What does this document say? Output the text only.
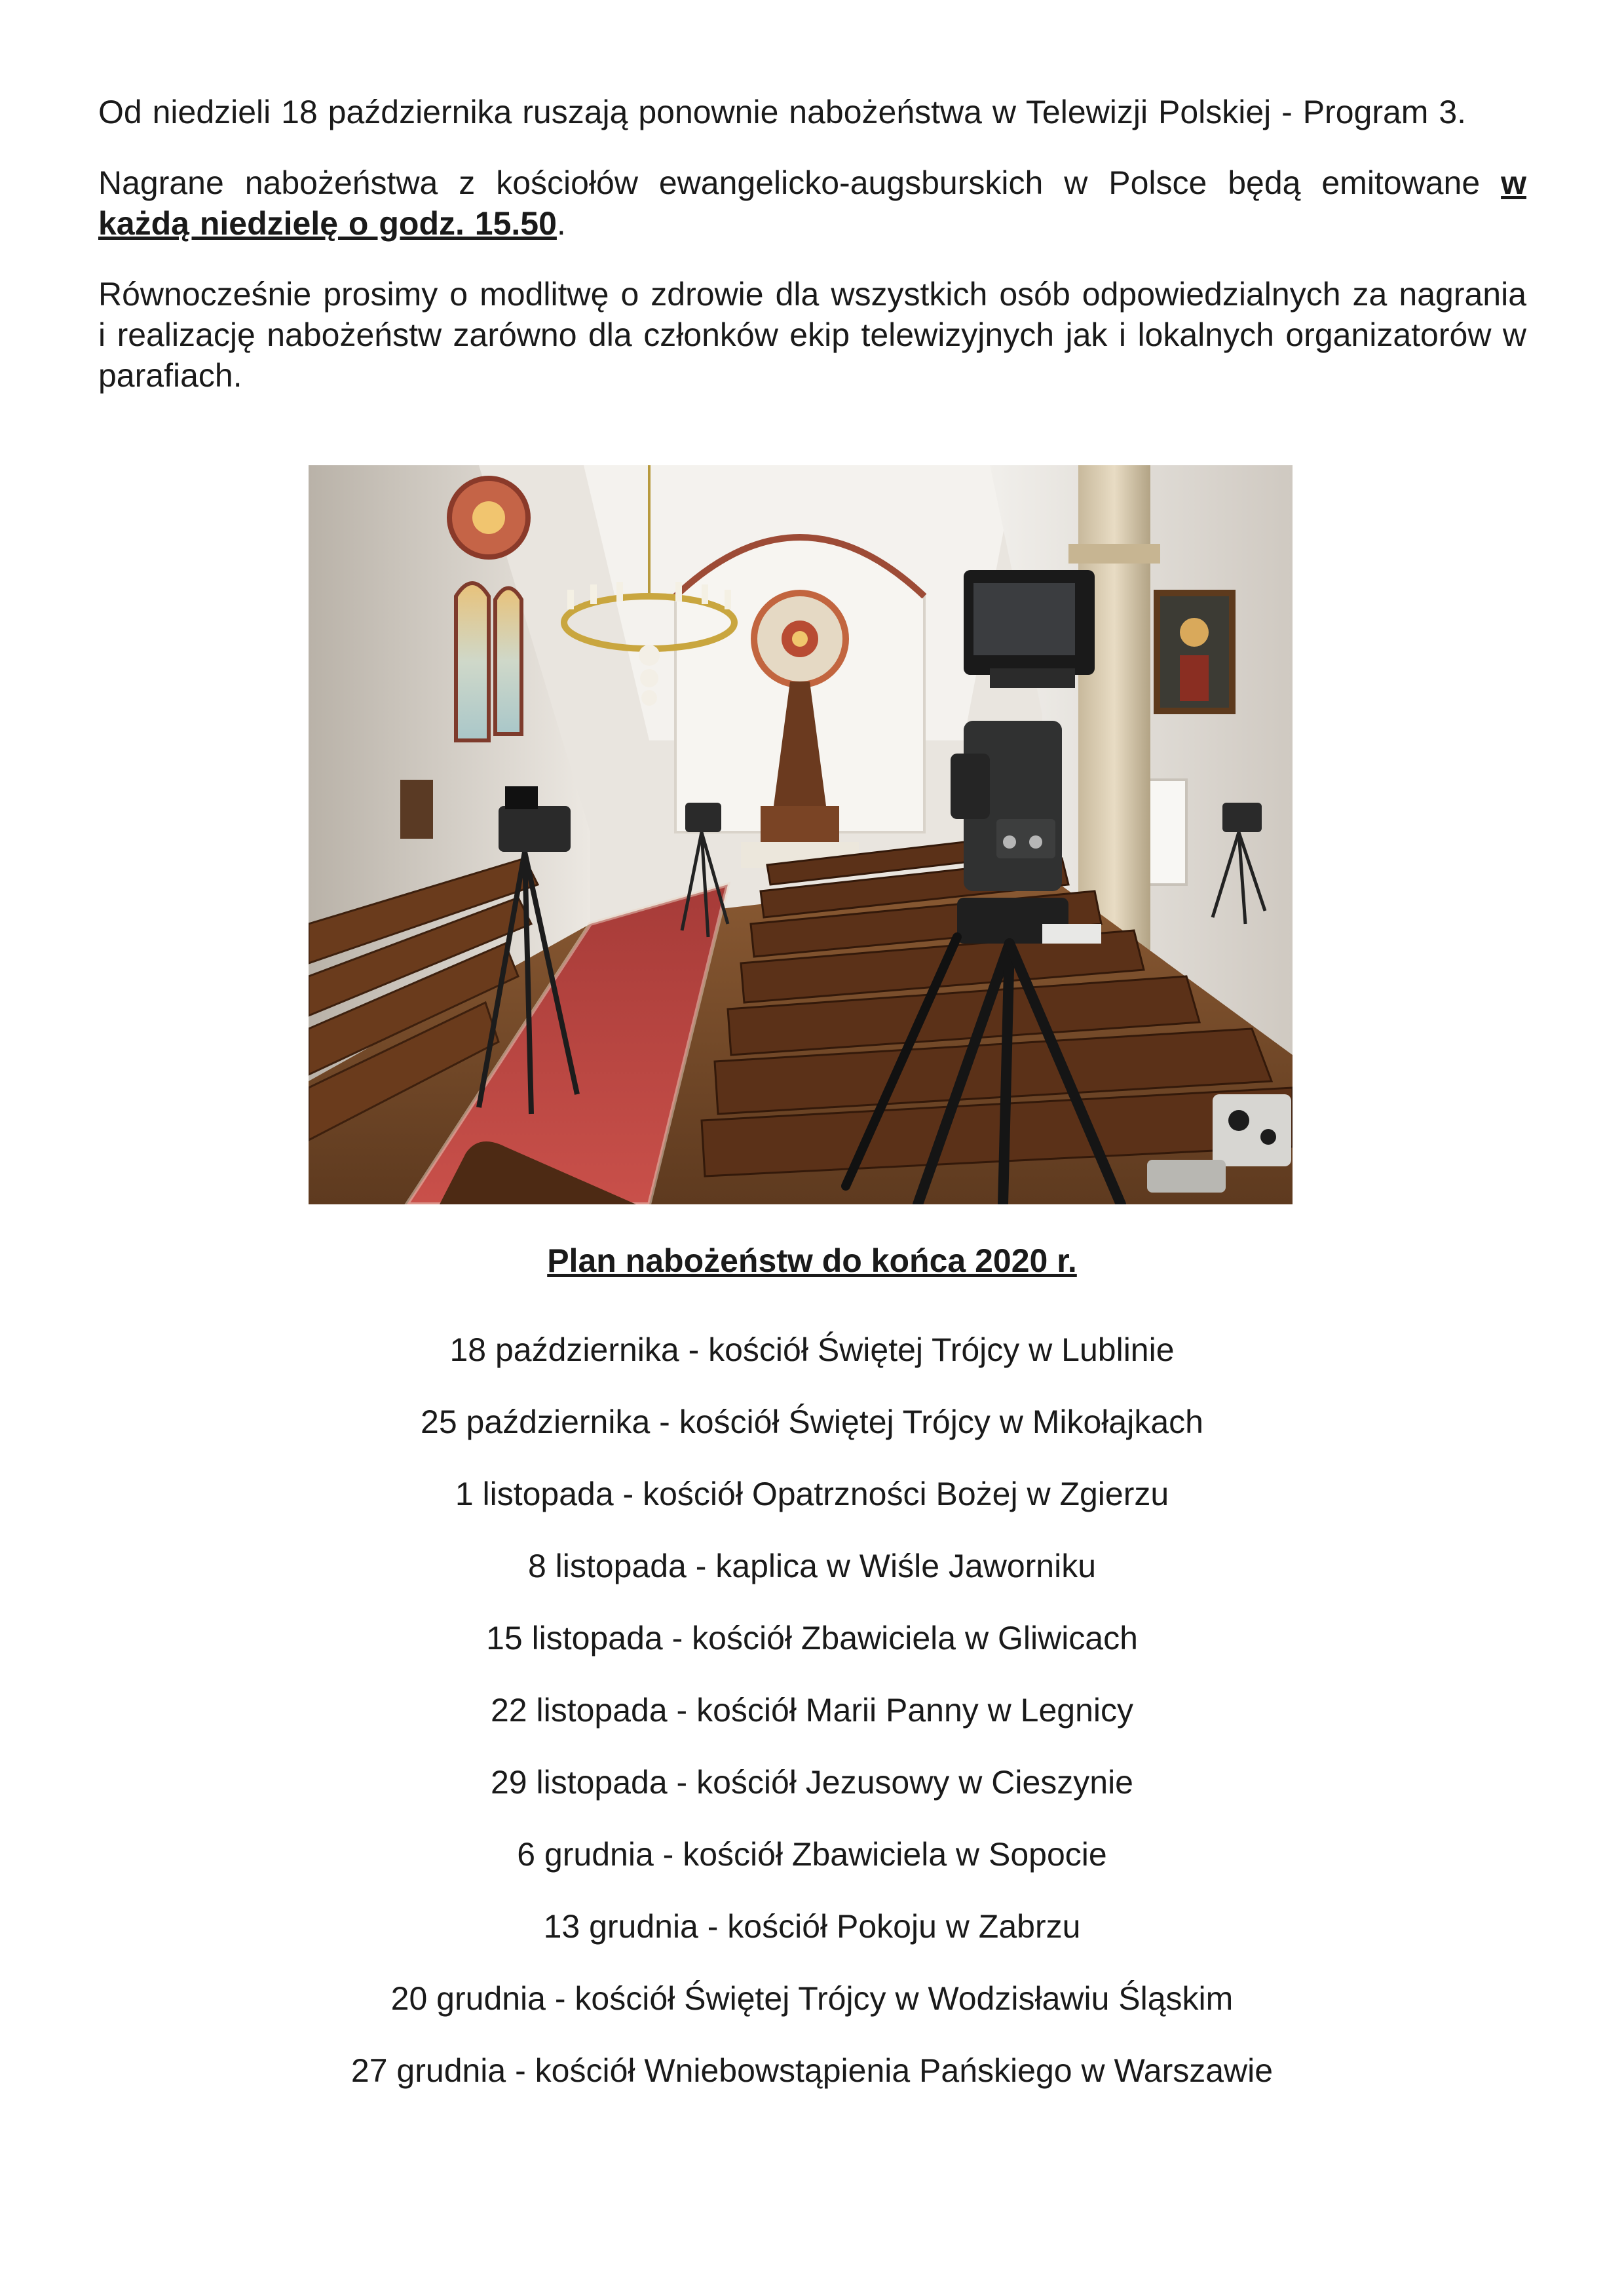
Od niedzieli 18 października ruszają ponownie nabożeństwa w Telewizji Polskiej - Program 3.

Nagrane nabożeństwa z kościołów ewangelicko-augsburskich w Polsce będą emitowane w każdą niedzielę o godz. 15.50.

Równocześnie prosimy o modlitwę o zdrowie dla wszystkich osób odpowiedzialnych za nagrania i realizację nabożeństw zarówno dla członków ekip telewizyjnych jak i lokalnych organizatorów w parafiach.

Plan nabożeństw do końca 2020 r.

18 października - kościół Świętej Trójcy w Lublinie
25 października - kościół Świętej Trójcy w Mikołajkach
1 listopada - kościół Opatrzności Bożej w Zgierzu
8 listopada - kaplica w Wiśle Jaworniku
15 listopada - kościół Zbawiciela w Gliwicach
22 listopada - kościół Marii Panny w Legnicy
29 listopada - kościół Jezusowy w Cieszynie
6 grudnia - kościół Zbawiciela w Sopocie
13 grudnia - kościół Pokoju w Zabrzu
20 grudnia - kościół Świętej Trójcy w Wodzisławiu Śląskim
27 grudnia - kościół Wniebowstąpienia Pańskiego w Warszawie
